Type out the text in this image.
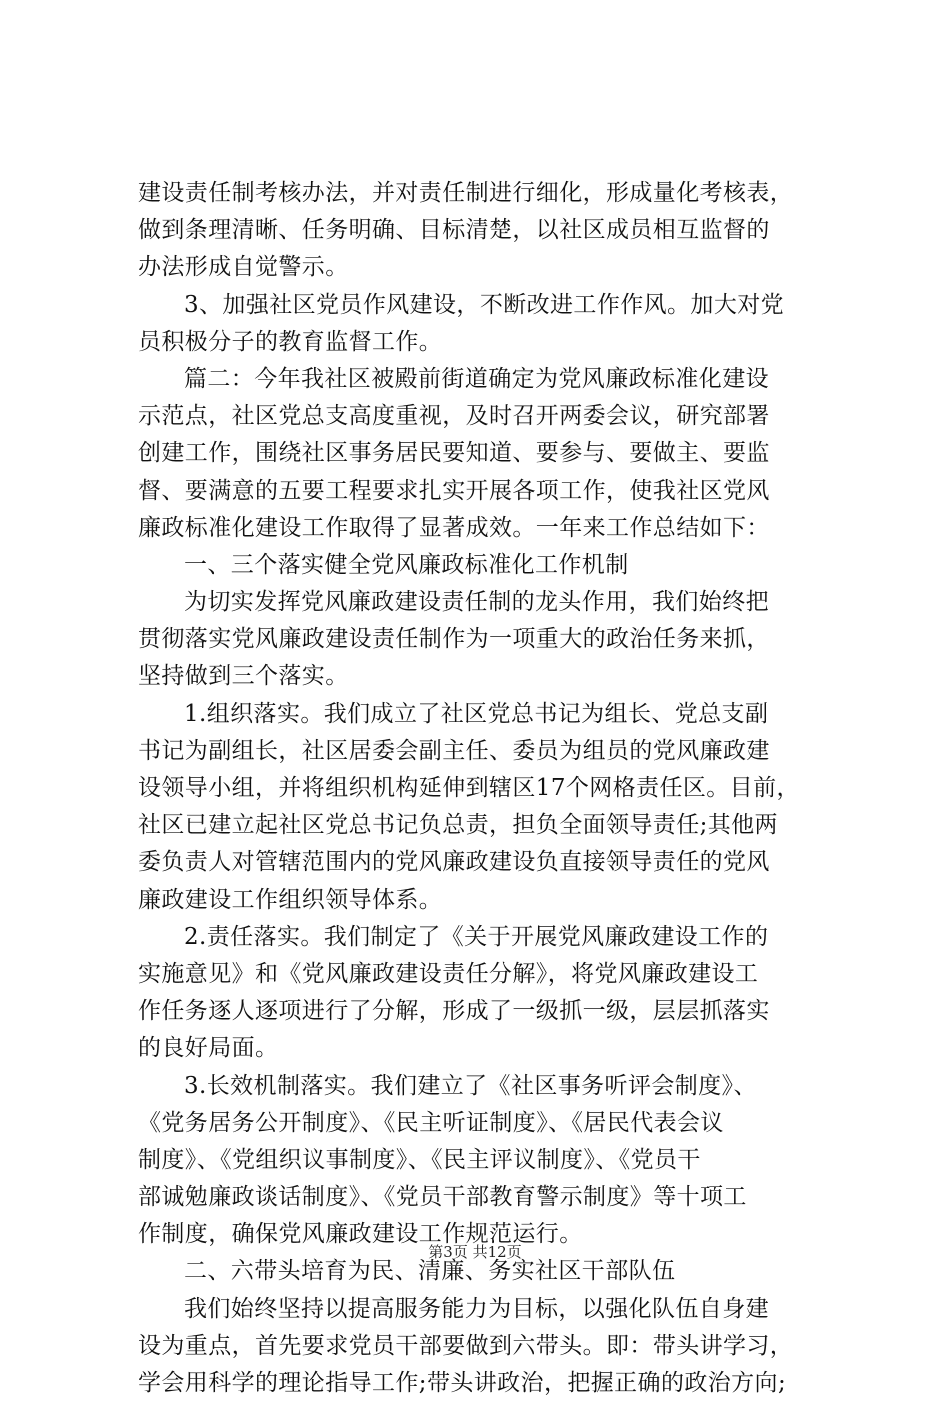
建设责任制考核办法，并对责任制进行细化，形成量化考核表，
做到条理清晰、任务明确、目标清楚，以社区成员相互监督的
办法形成自觉警示。
3、加强社区党员作风建设，不断改进工作作风。加大对党
员积极分子的教育监督工作。
篇二：今年我社区被殿前街道确定为党风廉政标准化建设
示范点，社区党总支高度重视，及时召开两委会议，研究部署
创建工作，围绕社区事务居民要知道、要参与、要做主、要监
督、要满意的五要工程要求扎实开展各项工作，使我社区党风
廉政标准化建设工作取得了显著成效。一年来工作总结如下：
一、三个落实健全党风廉政标准化工作机制
为切实发挥党风廉政建设责任制的龙头作用，我们始终把
贯彻落实党风廉政建设责任制作为一项重大的政治任务来抓，
坚持做到三个落实。
1.组织落实。我们成立了社区党总书记为组长、党总支副
书记为副组长，社区居委会副主任、委员为组员的党风廉政建
设领导小组，并将组织机构延伸到辖区17个网格责任区。目前，
社区已建立起社区党总书记负总责，担负全面领导责任;其他两
委负责人对管辖范围内的党风廉政建设负直接领导责任的党风
廉政建设工作组织领导体系。
2.责任落实。我们制定了《关于开展党风廉政建设工作的
实施意见》和《党风廉政建设责任分解》，将党风廉政建设工
作任务逐人逐项进行了分解，形成了一级抓一级，层层抓落实
的良好局面。
3.长效机制落实。我们建立了《社区事务听评会制度》、
《党务居务公开制度》、《民主听证制度》、《居民代表会议
制度》、《党组织议事制度》、《民主评议制度》、《党员干
部诚勉廉政谈话制度》、《党员干部教育警示制度》等十项工
作制度，确保党风廉政建设工作规范运行。
二、六带头培育为民、清廉、务实社区干部队伍
我们始终坚持以提高服务能力为目标，以强化队伍自身建
设为重点，首先要求党员干部要做到六带头。即：带头讲学习，
学会用科学的理论指导工作;带头讲政治，把握正确的政治方向;
第3页 共12页
